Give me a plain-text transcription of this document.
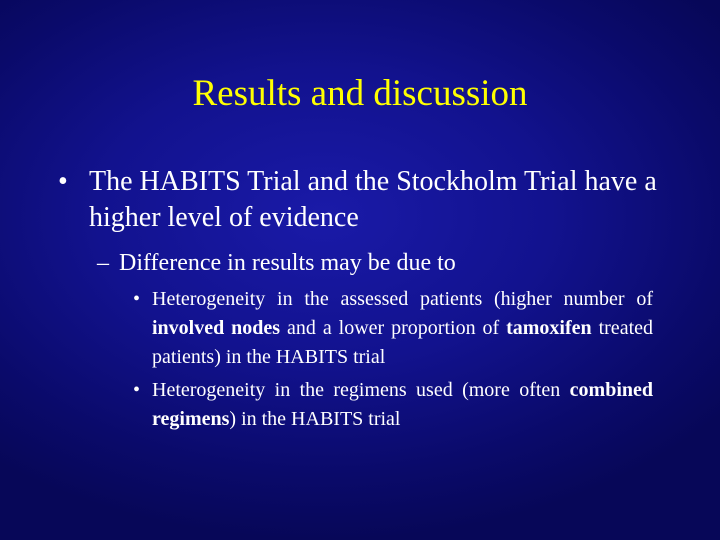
Results and discussion
• The HABITS Trial and the Stockholm Trial have a higher level of evidence
– Difference in results may be due to
• Heterogeneity in the assessed patients (higher number of involved nodes and a lower proportion of tamoxifen treated patients) in the HABITS trial
• Heterogeneity in the regimens used (more often combined regimens) in the HABITS trial
